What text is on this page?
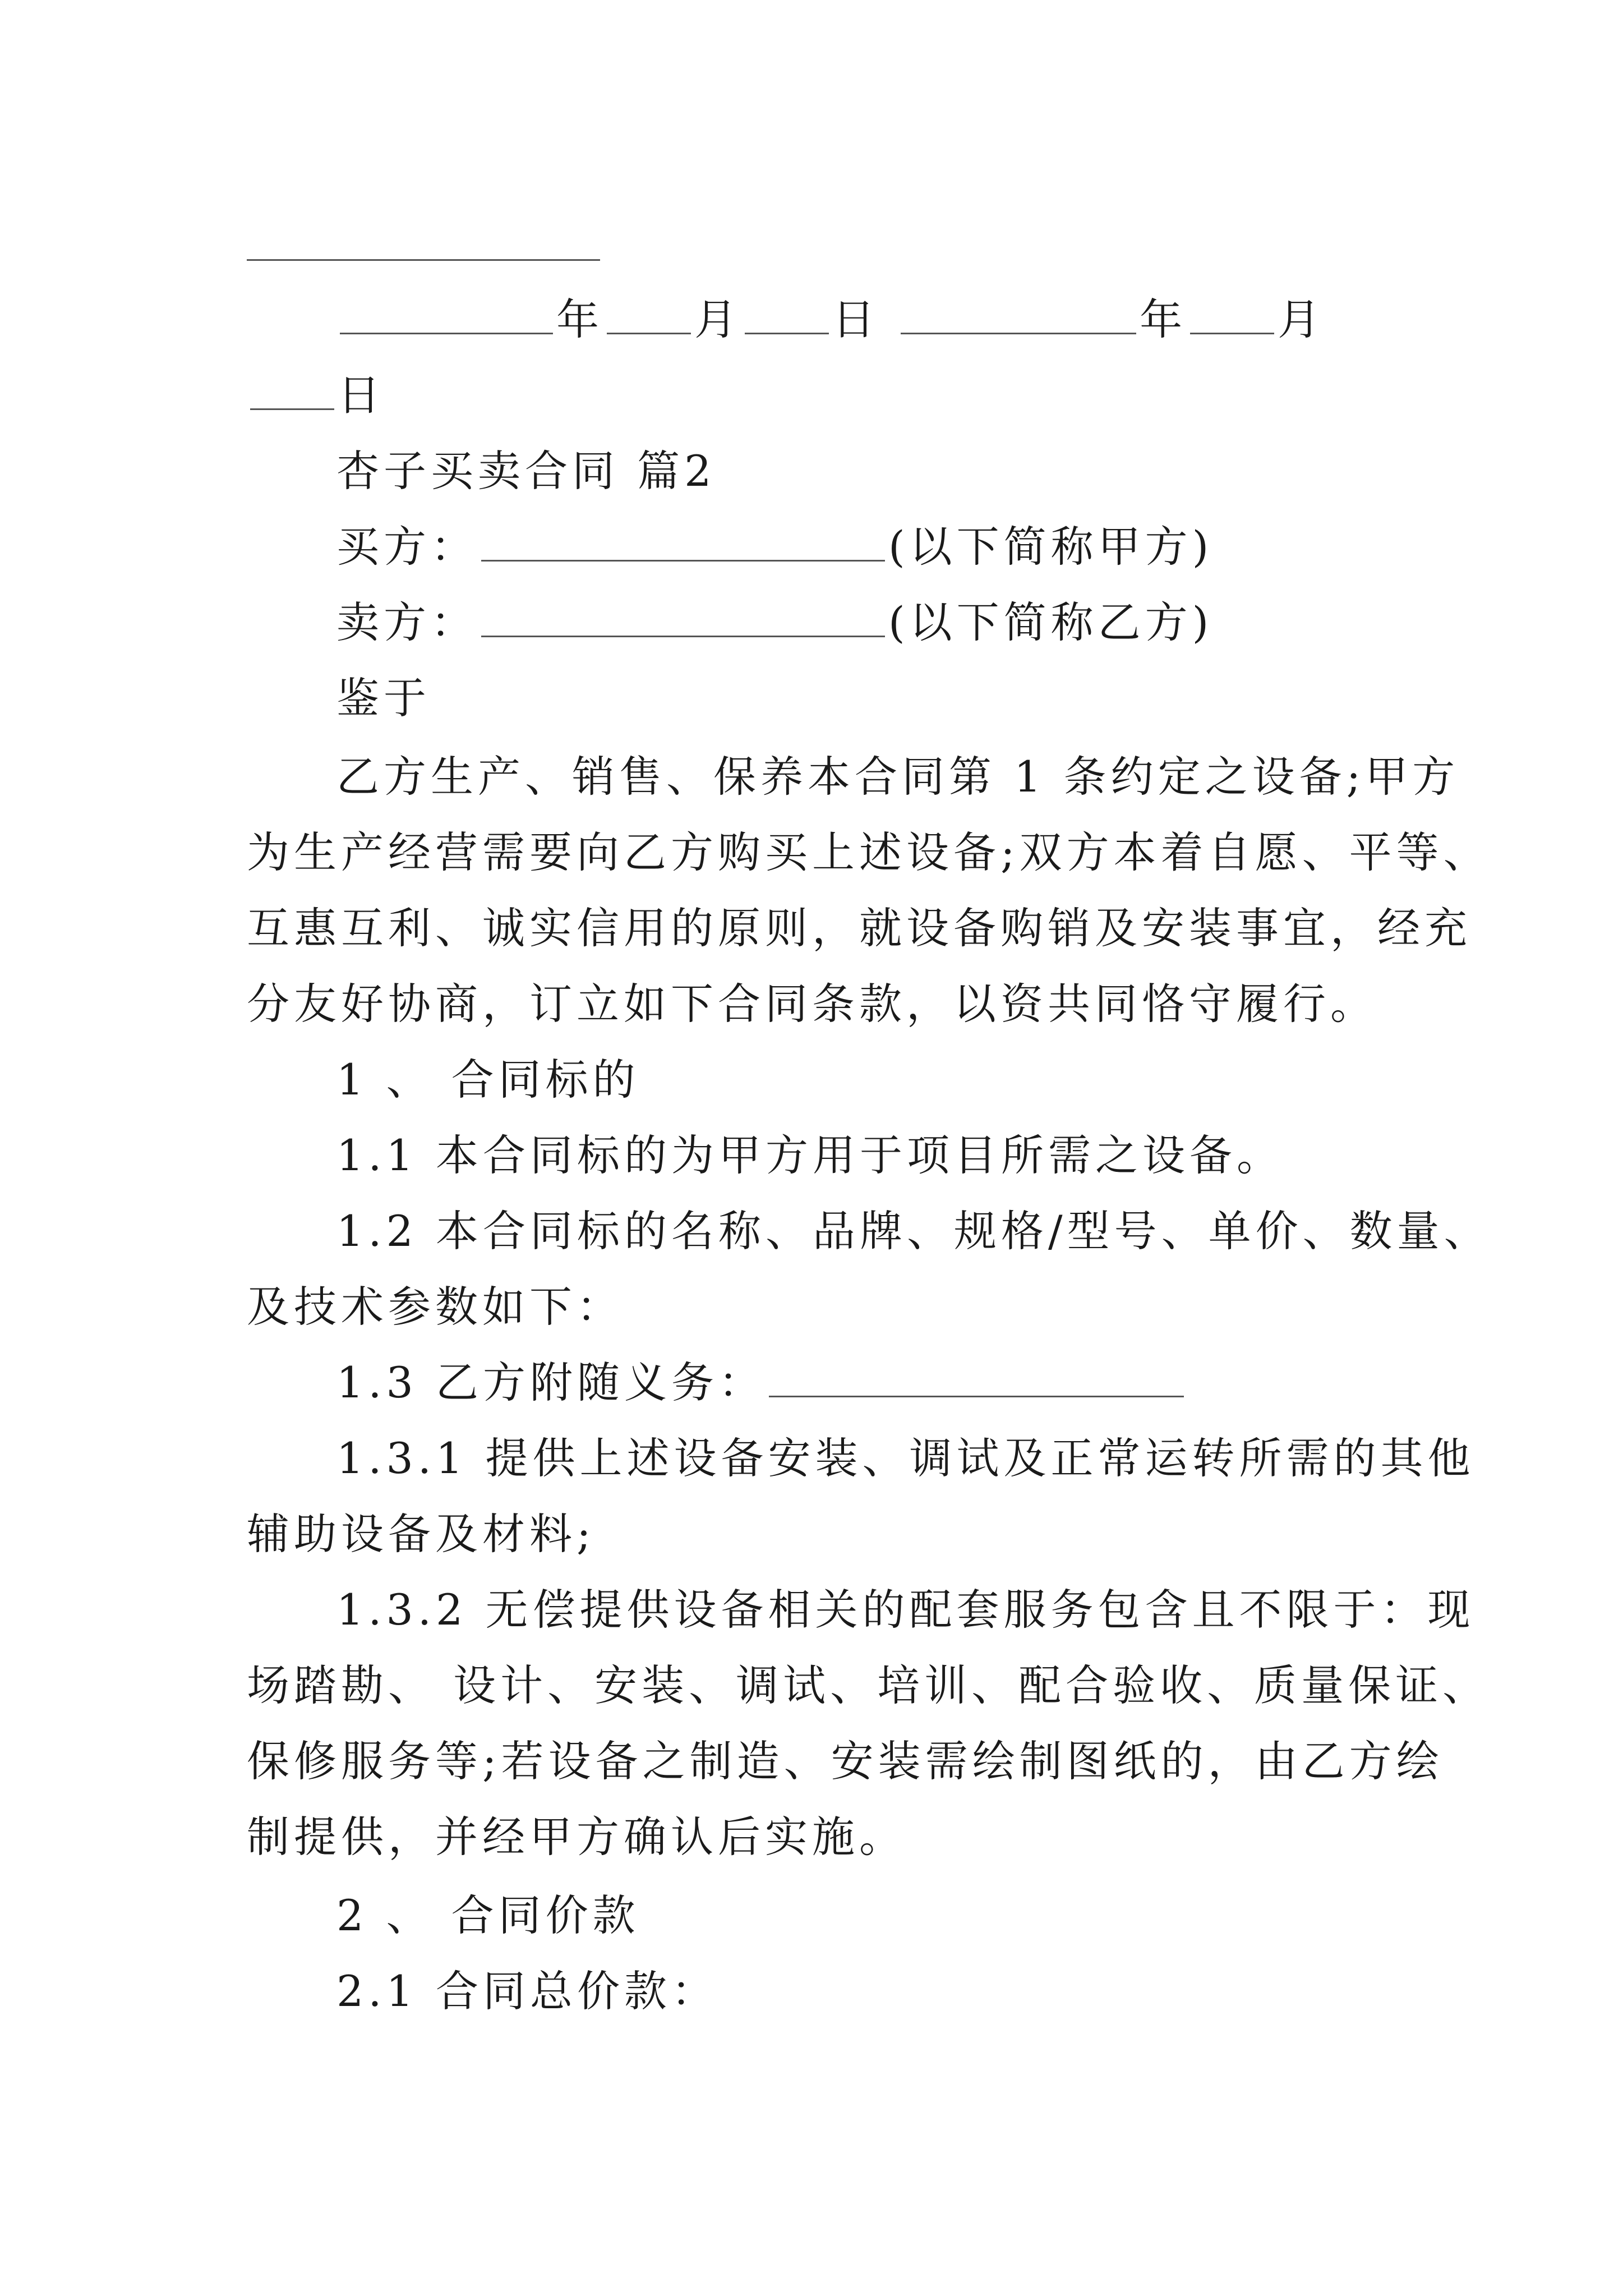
年 月 日	年 月
日
杏子买卖合同 篇2
买方：	(以下简称甲方)
卖方：	(以下简称乙方)
鉴于
乙方生产、销售、保养本合同第 1 条约定之设备;甲方
为生产经营需要向乙方购买上述设备;双方本着自愿、平等、
互惠互利、诚实信用的原则，就设备购销及安装事宜，经充
分友好协商，订立如下合同条款，以资共同恪守履行。
1 、 合同标的
1.1 本合同标的为甲方用于项目所需之设备。
1.2 本合同标的名称、品牌、规格/型号、单价、数量、
及技术参数如下：
1.3 乙方附随义务：
1.3.1 提供上述设备安装、调试及正常运转所需的其他
辅助设备及材料;
1.3.2 无偿提供设备相关的配套服务包含且不限于：现
场踏勘、 设计、安装、调试、培训、配合验收、质量保证、
保修服务等;若设备之制造、安装需绘制图纸的，由乙方绘
制提供，并经甲方确认后实施。
2 、 合同价款
2.1 合同总价款：
